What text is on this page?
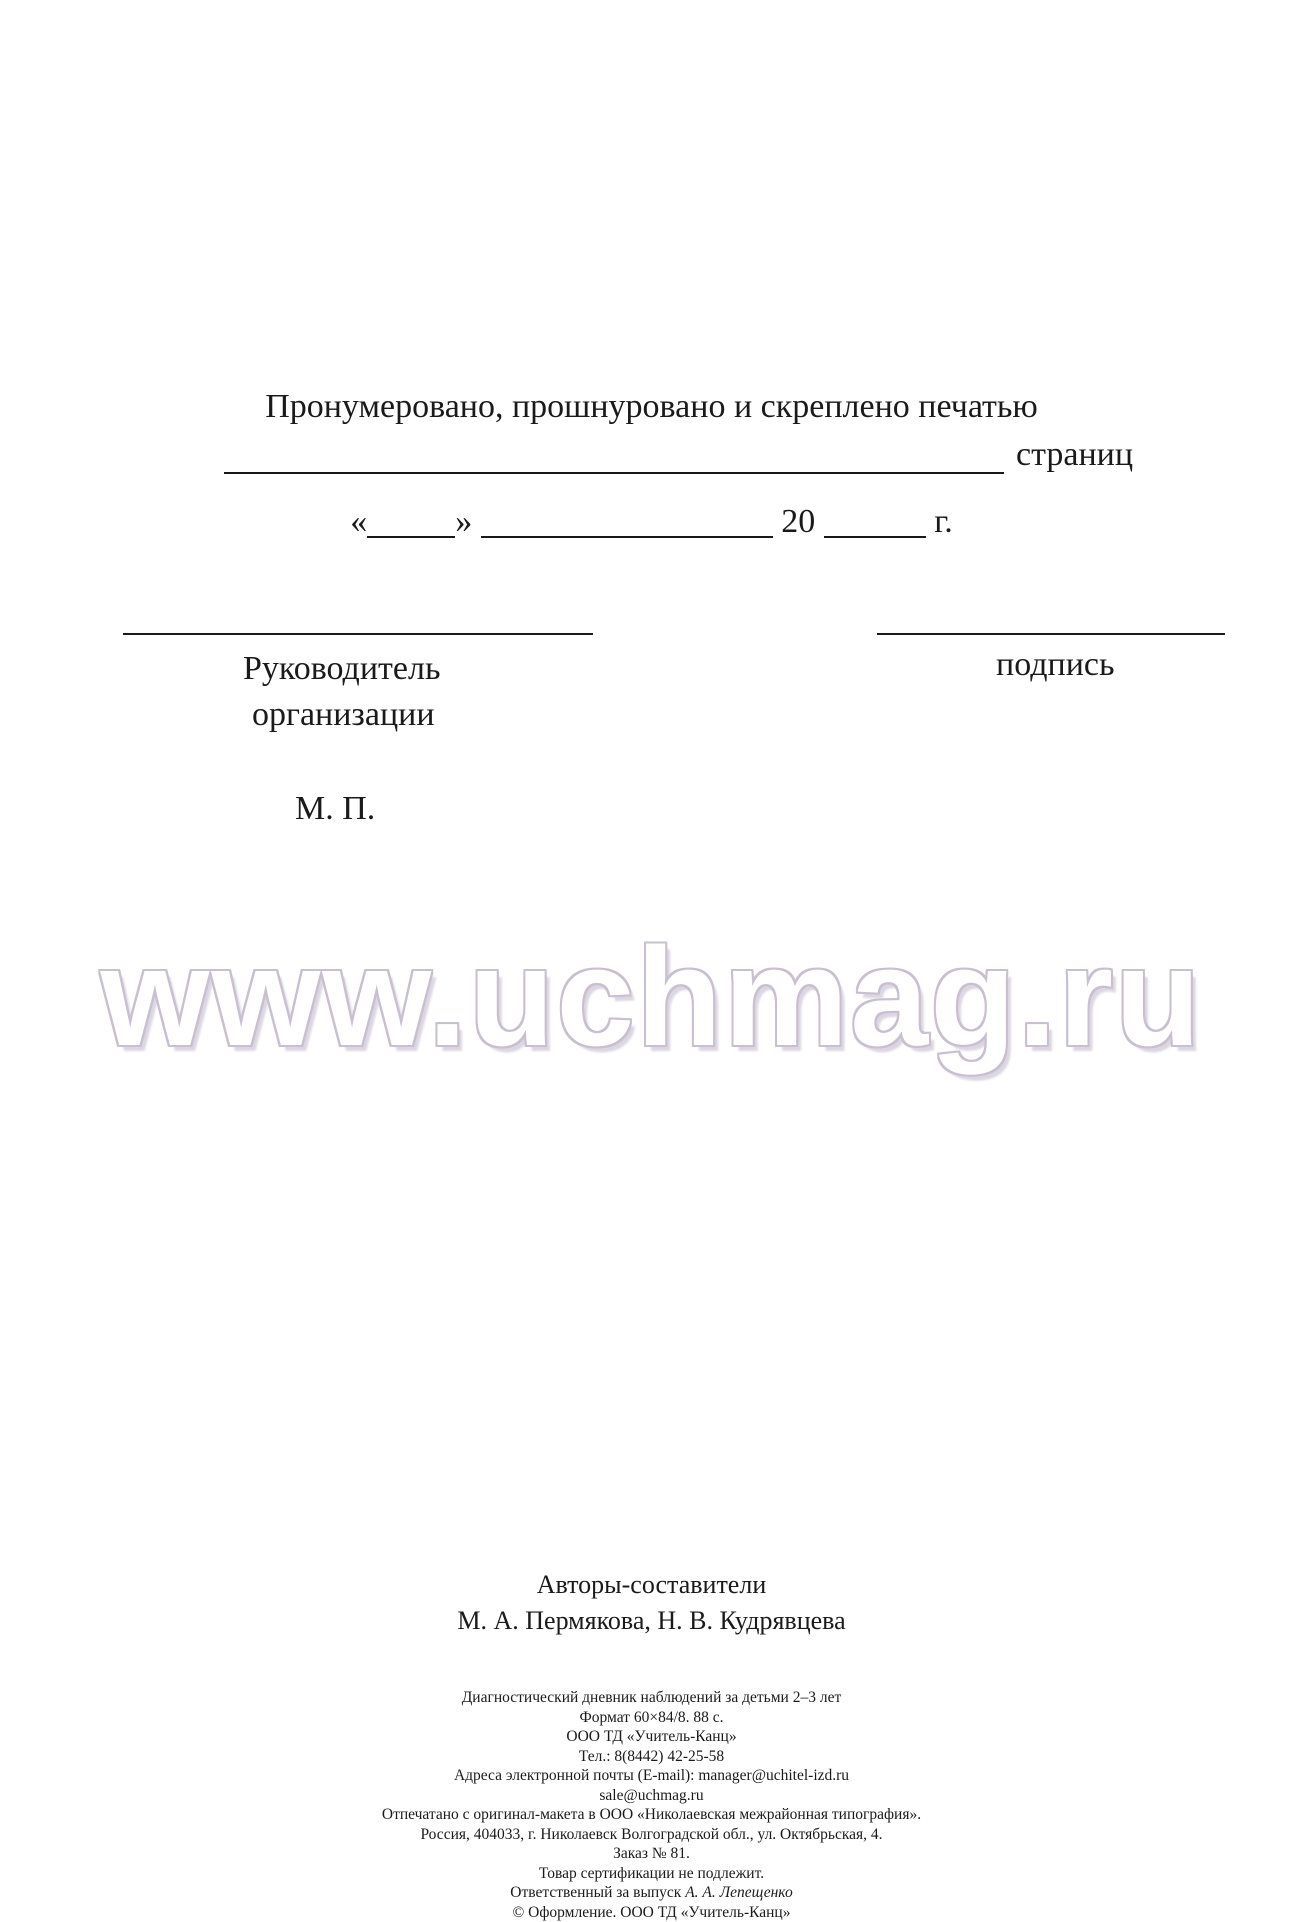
Пронумеровано, прошнуровано и скреплено печатью
страниц
«	»	20	г.
Руководитель
организации
подпись
М. П.
www.uchmag.ru
Авторы-составители
М. А. Пермякова, Н. В. Кудрявцева
Диагностический дневник наблюдений за детьми 2–3 лет
Формат 60×84/8. 88 с.
ООО ТД «Учитель-Канц»
Тел.: 8(8442) 42-25-58
Адреса электронной почты (E-mail): manager@uchitel-izd.ru
sale@uchmag.ru
Отпечатано с оригинал-макета в ООО «Николаевская межрайонная типография».
Россия, 404033, г. Николаевск Волгоградской обл., ул. Октябрьская, 4.
Заказ № 81.
Товар сертификации не подлежит.
Ответственный за выпуск А. А. Лепещенко
© Оформление. ООО ТД «Учитель-Канц»
